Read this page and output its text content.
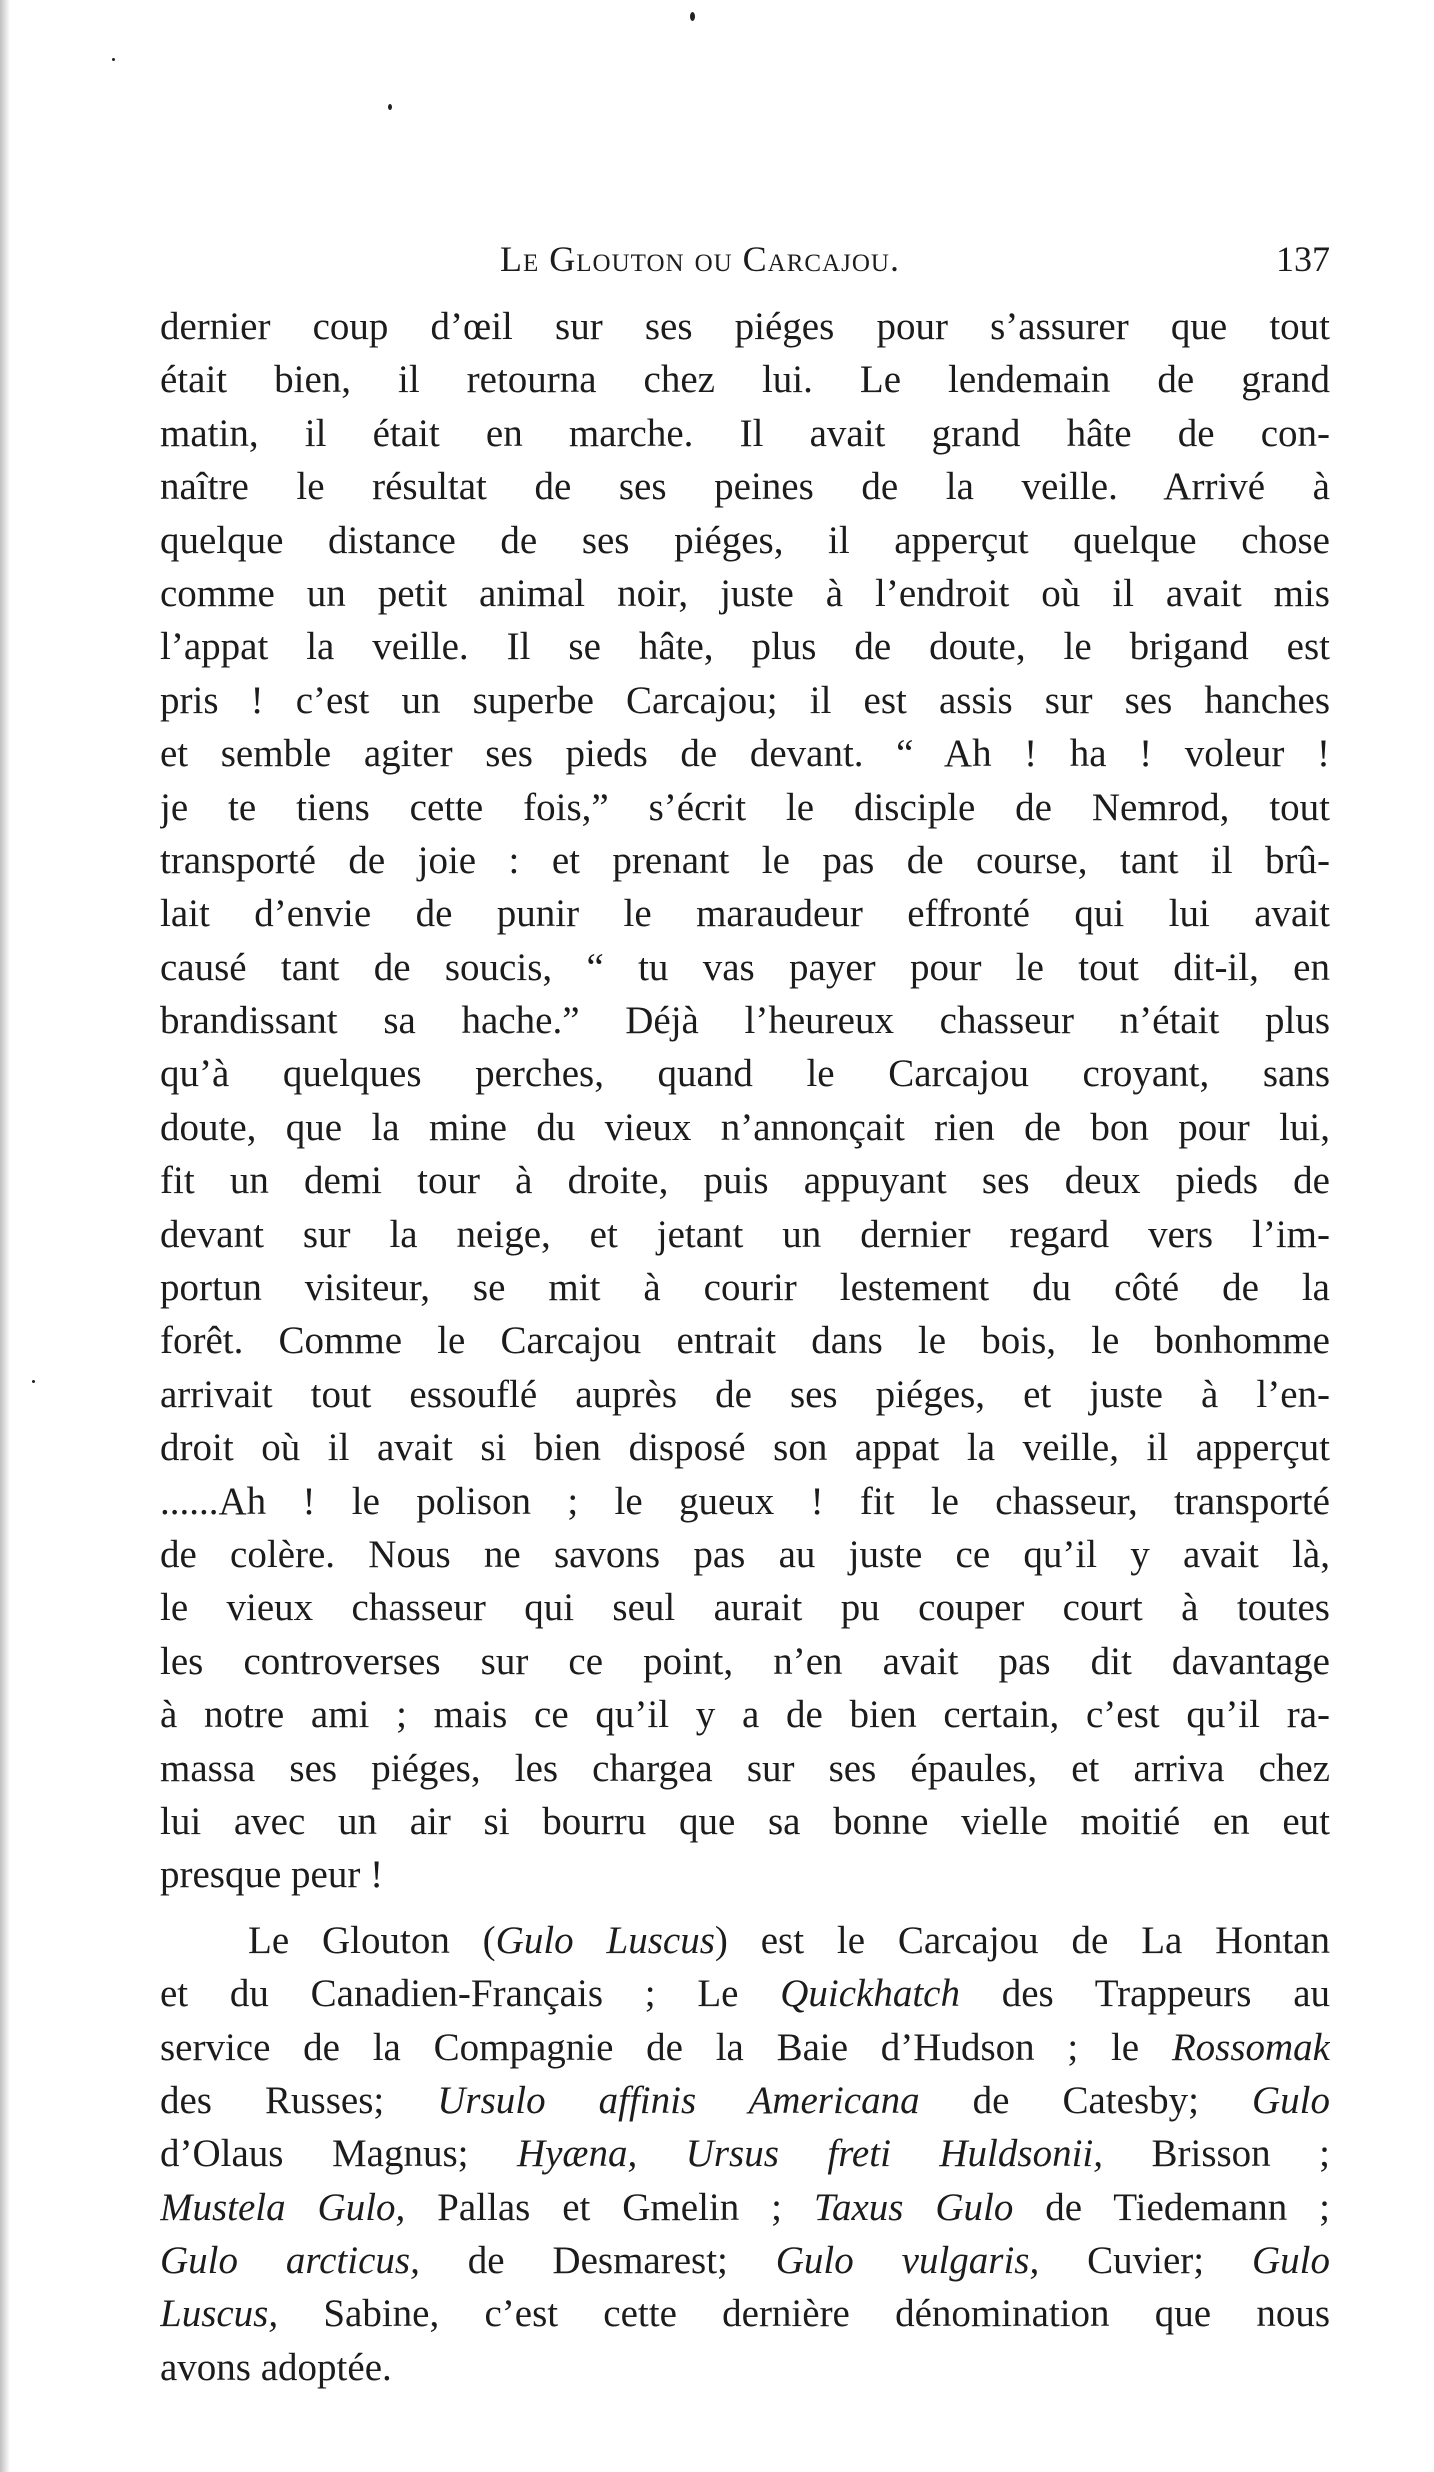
Le Glouton ou Carcajou.	137
dernier coup d’œil sur ses piéges pour s’assurer que tout
était bien, il retourna chez lui. Le lendemain de grand
matin, il était en marche. Il avait grand hâte de con-
naître le résultat de ses peines de la veille. Arrivé à
quelque distance de ses piéges, il apperçut quelque chose
comme un petit animal noir, juste à l’endroit où il avait mis
l’appat la veille. Il se hâte, plus de doute, le brigand est
pris ! c’est un superbe Carcajou; il est assis sur ses hanches
et semble agiter ses pieds de devant. “ Ah ! ha ! voleur !
je te tiens cette fois,” s’écrit le disciple de Nemrod, tout
transporté de joie : et prenant le pas de course, tant il brû-
lait d’envie de punir le maraudeur effronté qui lui avait
causé tant de soucis, “ tu vas payer pour le tout dit-il, en
brandissant sa hache.” Déjà l’heureux chasseur n’était plus
qu’à quelques perches, quand le Carcajou croyant, sans
doute, que la mine du vieux n’annonçait rien de bon pour lui,
fit un demi tour à droite, puis appuyant ses deux pieds de
devant sur la neige, et jetant un dernier regard vers l’im-
portun visiteur, se mit à courir lestement du côté de la
forêt. Comme le Carcajou entrait dans le bois, le bonhomme
arrivait tout essouflé auprès de ses piéges, et juste à l’en-
droit où il avait si bien disposé son appat la veille, il apperçut
......Ah ! le polison ; le gueux ! fit le chasseur, transporté
de colère. Nous ne savons pas au juste ce qu’il y avait là,
le vieux chasseur qui seul aurait pu couper court à toutes
les controverses sur ce point, n’en avait pas dit davantage
à notre ami ; mais ce qu’il y a de bien certain, c’est qu’il ra-
massa ses piéges, les chargea sur ses épaules, et arriva chez
lui avec un air si bourru que sa bonne vielle moitié en eut
presque peur !
Le Glouton (Gulo Luscus) est le Carcajou de La Hontan
et du Canadien-Français ; Le Quickhatch des Trappeurs au
service de la Compagnie de la Baie d’Hudson ; le Rossomak
des Russes; Ursulo affinis Americana de Catesby; Gulo
d’Olaus Magnus; Hyæna, Ursus freti Huldsonii, Brisson ;
Mustela Gulo, Pallas et Gmelin ; Taxus Gulo de Tiedemann ;
Gulo arcticus, de Desmarest; Gulo vulgaris, Cuvier; Gulo
Luscus, Sabine, c’est cette dernière dénomination que nous
avons adoptée.
